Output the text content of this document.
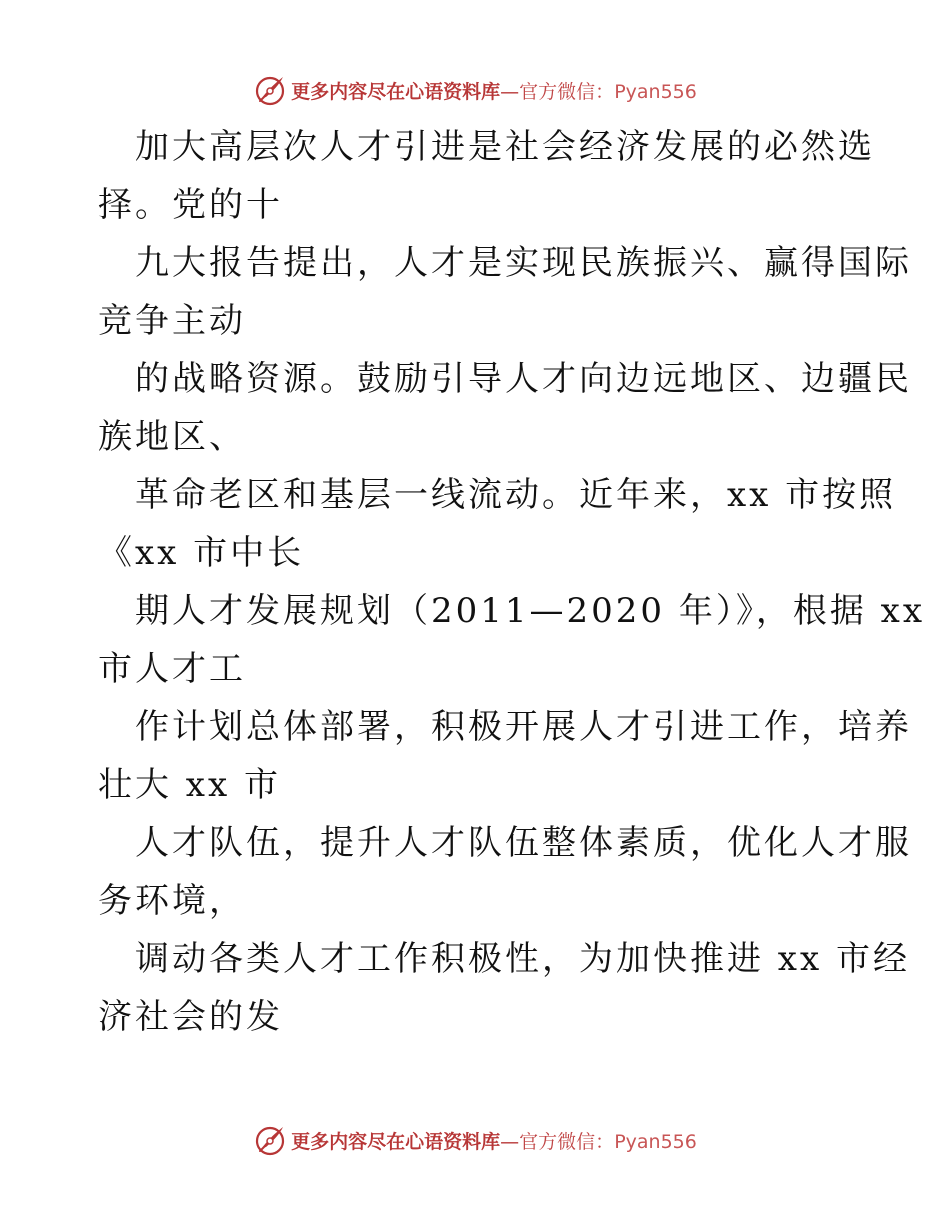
更多内容尽在心语资料库—官方微信：Pyan556
加大高层次人才引进是社会经济发展的必然选
择。党的十
九大报告提出，人才是实现民族振兴、赢得国际
竞争主动
的战略资源。鼓励引导人才向边远地区、边疆民
族地区、
革命老区和基层一线流动。近年来，xx 市按照
《xx 市中长
期人才发展规划（2011—2020 年）》，根据 xx
市人才工
作计划总体部署，积极开展人才引进工作，培养
壮大 xx 市
人才队伍，提升人才队伍整体素质，优化人才服
务环境，
调动各类人才工作积极性，为加快推进 xx 市经
济社会的发
更多内容尽在心语资料库—官方微信：Pyan556
